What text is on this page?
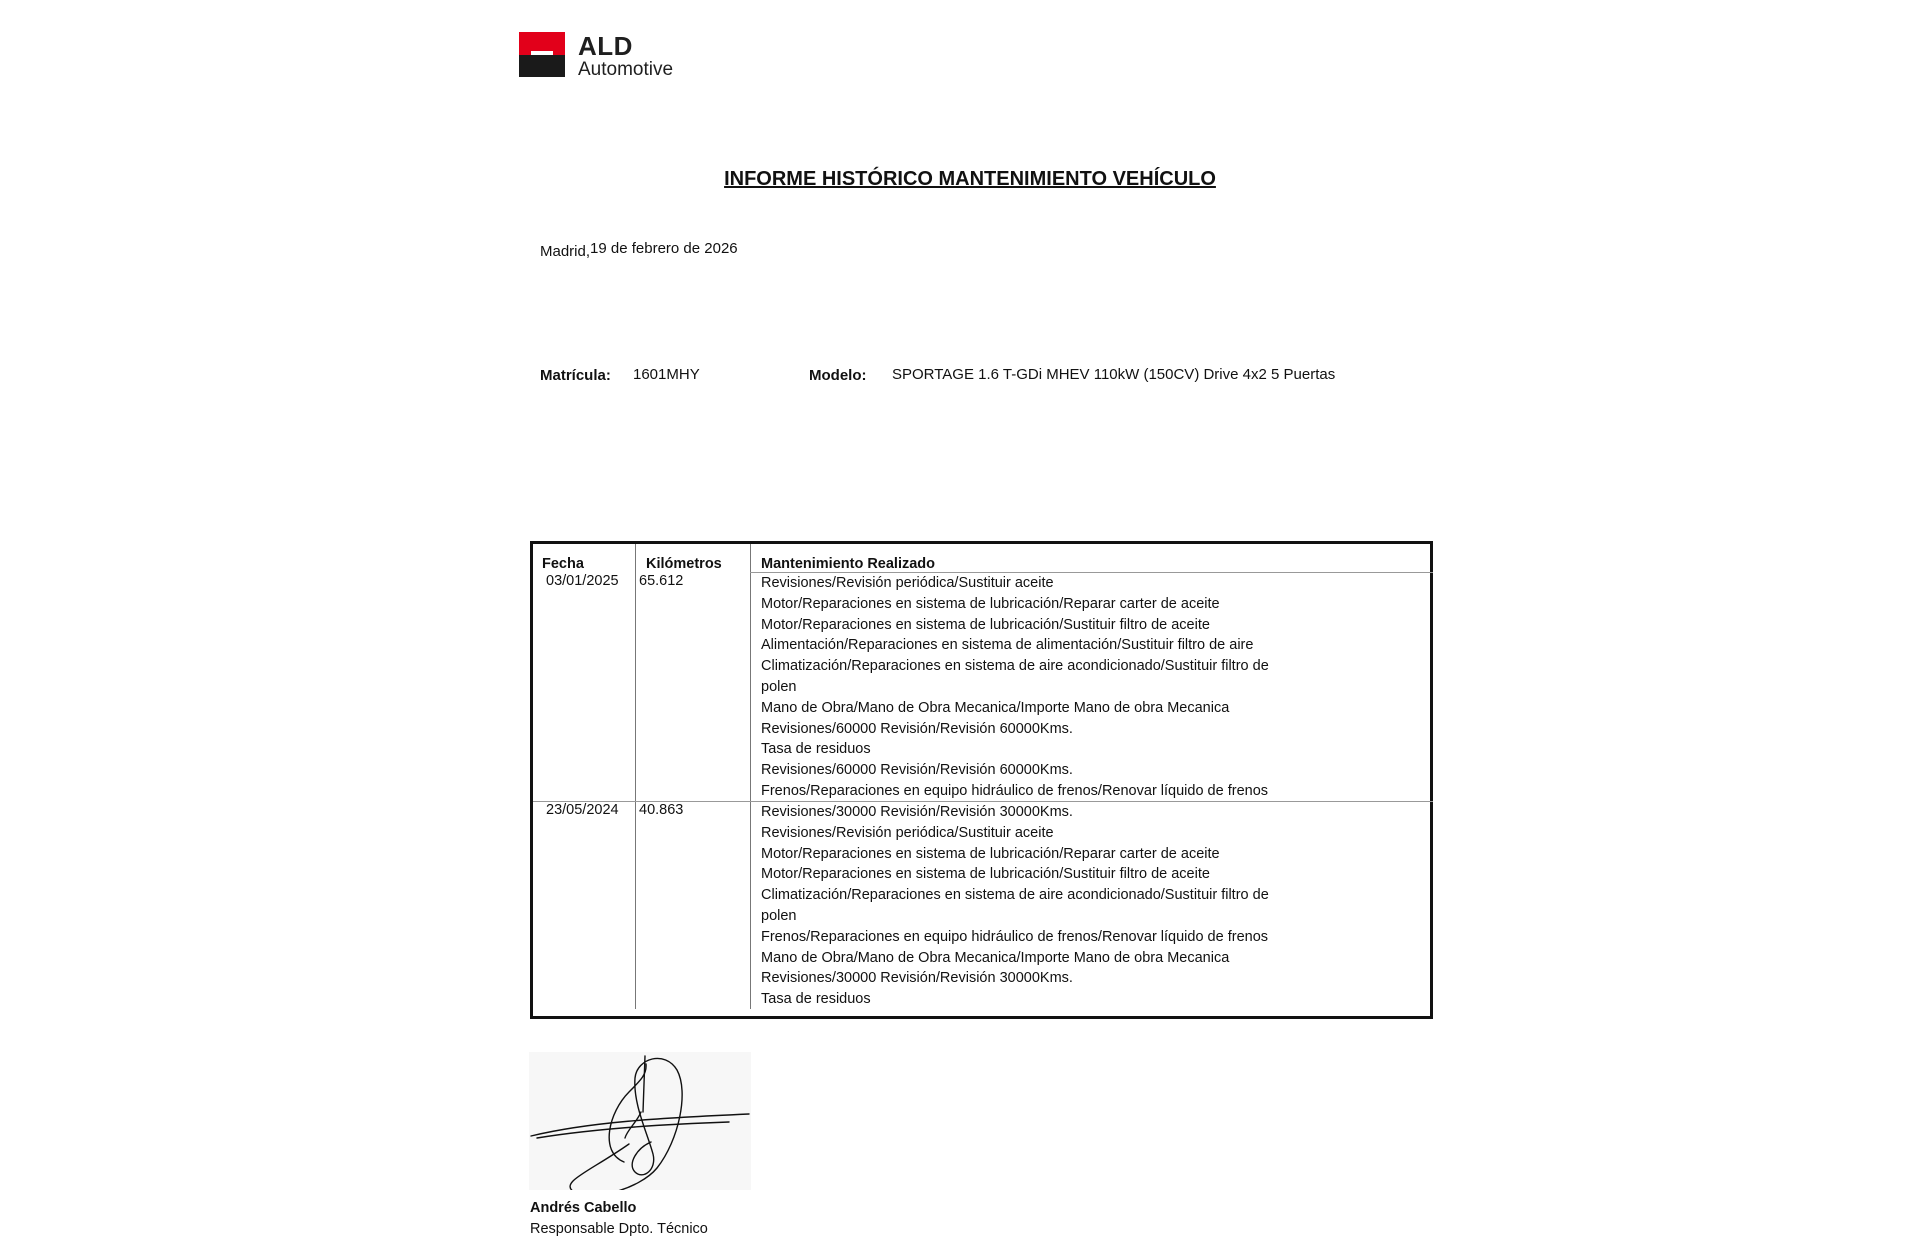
ALD
Automotive
INFORME HISTÓRICO MANTENIMIENTO VEHÍCULO
Madrid,19 de febrero de 2026
Matrícula: 1601MHY	Modelo: SPORTAGE 1.6 T-GDi MHEV 110kW (150CV) Drive 4x2 5 Puertas
Fecha	Kilómetros	Mantenimiento Realizado
03/01/2025 65.612	Revisiones/Revisión periódica/Sustituir aceite
Motor/Reparaciones en sistema de lubricación/Reparar carter de aceite
Motor/Reparaciones en sistema de lubricación/Sustituir filtro de aceite
Alimentación/Reparaciones en sistema de alimentación/Sustituir filtro de aire
Climatización/Reparaciones en sistema de aire acondicionado/Sustituir filtro de
polen
Mano de Obra/Mano de Obra Mecanica/Importe Mano de obra Mecanica
Revisiones/60000 Revisión/Revisión 60000Kms.
Tasa de residuos
Revisiones/60000 Revisión/Revisión 60000Kms.
Frenos/Reparaciones en equipo hidráulico de frenos/Renovar líquido de frenos
23/05/2024 40.863	Revisiones/30000 Revisión/Revisión 30000Kms.
Revisiones/Revisión periódica/Sustituir aceite
Motor/Reparaciones en sistema de lubricación/Reparar carter de aceite
Motor/Reparaciones en sistema de lubricación/Sustituir filtro de aceite
Climatización/Reparaciones en sistema de aire acondicionado/Sustituir filtro de
polen
Frenos/Reparaciones en equipo hidráulico de frenos/Renovar líquido de frenos
Mano de Obra/Mano de Obra Mecanica/Importe Mano de obra Mecanica
Revisiones/30000 Revisión/Revisión 30000Kms.
Tasa de residuos
Andrés Cabello
Responsable Dpto. Técnico
